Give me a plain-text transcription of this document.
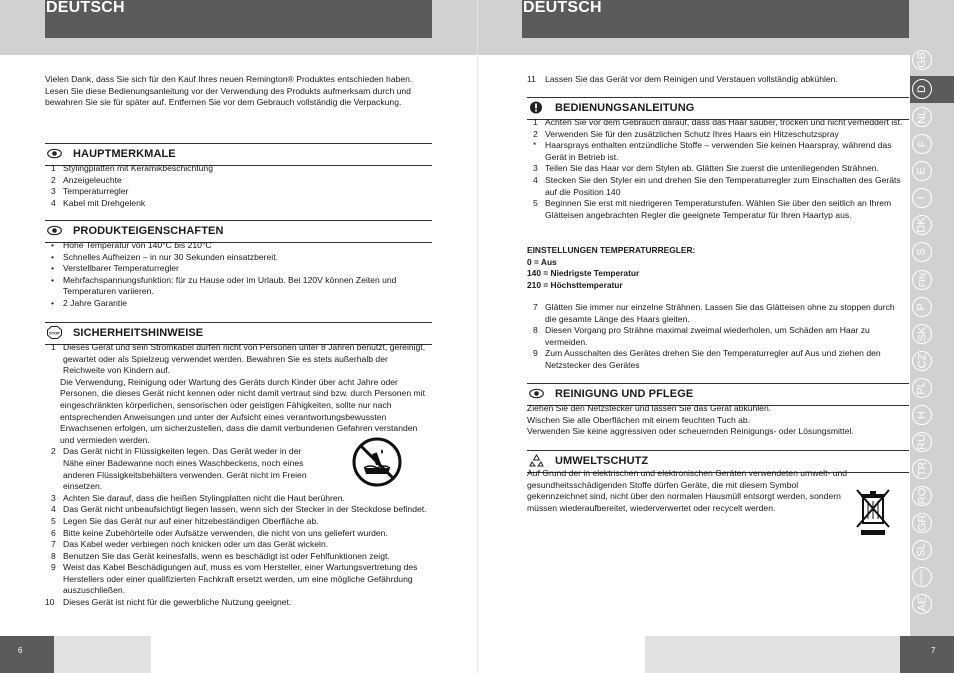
DEUTSCH
Vielen Dank, dass Sie sich für den Kauf Ihres neuen Remington® Produktes entschieden haben.
Lesen Sie diese Bedienungsanleitung vor der Verwendung des Produkts aufmerksam durch und bewahren Sie sie für später auf. Entfernen Sie vor dem Gebrauch vollständig die Verpackung.
HAUPTMERKMALE
1 Stylingplatten mit Keramikbeschichtung
2 Anzeigeleuchte
3 Temperaturregler
4 Kabel mit Drehgelenk
PRODUKTEIGENSCHAFTEN
• Hohe Temperatur von 140°C bis 210°C
• Schnelles Aufheizen – in nur 30 Sekunden einsatzbereit.
• Verstellbarer Temperaturregler
• Mehrfachspannungsfunktion: für zu Hause oder im Urlaub. Bei 120V können Zeiten und Temperaturen variieren.
• 2 Jahre Garantie
STOP SICHERHEITSHINWEISE
1 Dieses Gerät und sein Stromkabel dürfen nicht von Personen unter 8 Jahren benutzt, gereinigt, gewartet oder als Spielzeug verwendet werden. Bewahren Sie es stets außerhalb der Reichweite von Kindern auf.
Die Verwendung, Reinigung oder Wartung des Geräts durch Kinder über acht Jahre oder Personen, die dieses Gerät nicht kennen oder nicht damit vertraut sind bzw. durch Personen mit eingeschränkten körperlichen, sensorischen oder geistigen Fähigkeiten, sollte nur nach entsprechenden Anweisungen und unter der Aufsicht eines verantwortungsbewussten Erwachsenen erfolgen, um sicherzustellen, dass die damit verbundenen Gefahren verstanden und vermieden werden.
2 Das Gerät nicht in Flüssigkeiten legen. Das Gerät weder in der Nähe einer Badewanne noch eines Waschbeckens, noch eines anderen Flüssigkeitsbehälters verwenden. Gerät nicht im Freien einsetzen.
3 Achten Sie darauf, dass die heißen Stylingplatten nicht die Haut berühren.
4 Das Gerät nicht unbeaufsichtigt liegen lassen, wenn sich der Stecker in der Steckdose befindet.
5 Legen Sie das Gerät nur auf einer hitzebeständigen Oberfläche ab.
6 Bitte keine Zubehörteile oder Aufsätze verwenden, die nicht von uns geliefert wurden.
7 Das Kabel weder verbiegen noch knicken oder um das Gerät wickeln.
8 Benutzen Sie das Gerät keinesfalls, wenn es beschädigt ist oder Fehlfunktionen zeigt.
9 Weist das Kabel Beschädigungen auf, muss es vom Hersteller, einer Wartungsvertretung des Herstellers oder einer qualifizierten Fachkraft ersetzt werden, um eine mögliche Gefährdung auszuschließen.
10 Dieses Gerät ist nicht für die gewerbliche Nutzung geeignet.
6
DEUTSCH
11 Lassen Sie das Gerät vor dem Reinigen und Verstauen vollständig abkühlen.
BEDIENUNGSANLEITUNG
1 Achten Sie vor dem Gebrauch darauf, dass das Haar sauber, trocken und nicht verheddert ist.
2 Verwenden Sie für den zusätzlichen Schutz Ihres Haars ein Hitzeschutzspray
* Haarsprays enthalten entzündliche Stoffe – verwenden Sie keinen Haarspray, während das Gerät in Betrieb ist.
3 Teilen Sie das Haar vor dem Stylen ab. Glätten Sie zuerst die untenliegenden Strähnen.
4 Stecken Sie den Styler ein und drehen Sie den Temperaturregler zum Einschalten des Geräts auf die Position 140
5 Beginnen Sie erst mit niedrigeren Temperaturstufen. Wählen Sie über den seitlich an Ihrem Glätteisen angebrachten Regler die geeignete Temperatur für Ihren Haartyp aus.
EINSTELLUNGEN TEMPERATURREGLER:
0 = Aus
140 = Niedrigste Temperatur
210 = Höchsttemperatur
7 Glätten Sie immer nur einzelne Strähnen. Lassen Sie das Glätteisen ohne zu stoppen durch die gesamte Länge des Haars gleiten.
8 Diesen Vorgang pro Strähne maximal zweimal wiederholen, um Schäden am Haar zu vermeiden.
9 Zum Ausschalten des Gerätes drehen Sie den Temperaturregler auf Aus und ziehen den Netzstecker des Gerätes
REINIGUNG UND PFLEGE
Ziehen Sie den Netzstecker und lassen Sie das Gerät abkühlen.
Wischen Sie alle Oberflächen mit einem feuchten Tuch ab.
Verwenden Sie keine aggressiven oder scheuernden Reinigungs- oder Lösungsmittel.
UMWELTSCHUTZ
Auf Grund der in elektrischen und elektronischen Geräten verwendeten umwelt- und gesundheitsschädigenden Stoffe dürfen Geräte, die mit diesem Symbol gekennzeichnet sind, nicht über den normalen Hausmüll entsorgt werden, sondern müssen wiederaufbereitet, wiederverwertet oder recycelt werden.
GB
D
NL
F
E
I
DK
S
FIN
P
SK
CZ
PL
H
RU
TR
RO
GR
SL
HR/SRB
AE
7
